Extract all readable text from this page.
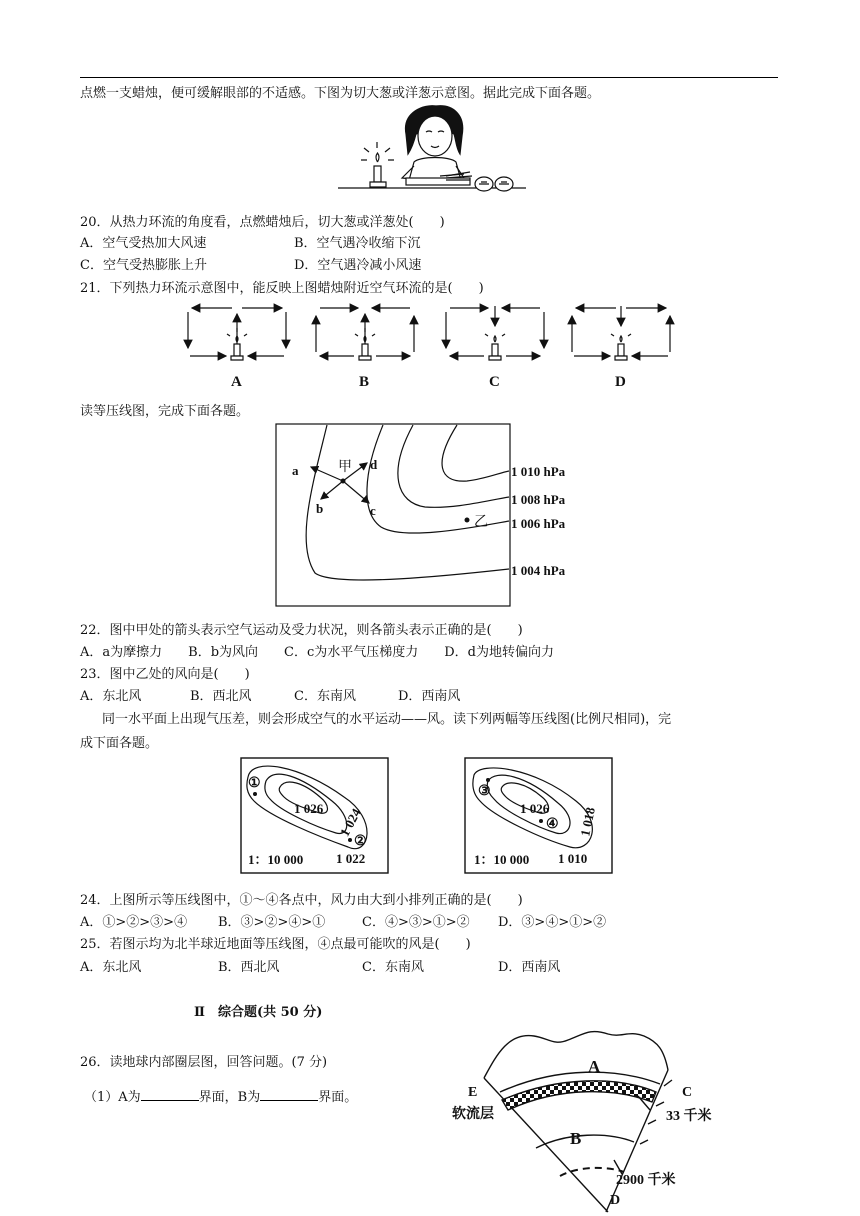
点燃一支蜡烛，便可缓解眼部的不适感。下图为切大葱或洋葱示意图。据此完成下面各题。
20．从热力环流的角度看，点燃蜡烛后，切大葱或洋葱处(　　)
A．空气受热加大风速	B．空气遇冷收缩下沉
C．空气受热膨胀上升	D．空气遇冷减小风速
21．下列热力环流示意图中，能反映上图蜡烛附近空气环流的是(　　)
A	B	C	D
读等压线图，完成下面各题。
甲
乙
a
b	c
d	1 010 hPa
1 008 hPa
1 006 hPa
1 004 hPa
22．图中甲处的箭头表示空气运动及受力状况，则各箭头表示正确的是(　　)
A．a为摩擦力　　B．b为风向　　C．c为水平气压梯度力　　D．d为地转偏向力
23．图中乙处的风向是(　　)
A．东北风	B．西北风	C．东南风	D．西南风
同一水平面上出现气压差，则会形成空气的水平运动——风。读下列两幅等压线图(比例尺相同)，完
成下面各题。
①
②
1 026 1 024
1 022
1：10 000
③
④
1 026 1 018
1 010
1：10 000
24．上图所示等压线图中，①～④各点中，风力由大到小排列正确的是(　　)
A．①>②>③>④ B．③>②>④>①	C．④>③>①>② D．③>④>①>②
25．若图示均为北半球近地面等压线图，④点最可能吹的风是(　　)
A．东北风	B．西北风	C．东南风	D．西南风
Ⅱ　综合题(共 50 分)
26．读地球内部圈层图，回答问题。(7 分)
（1）A为	界面，B为	界面。
A
B
C
D
E
软流层	33 千米
2900 千米
